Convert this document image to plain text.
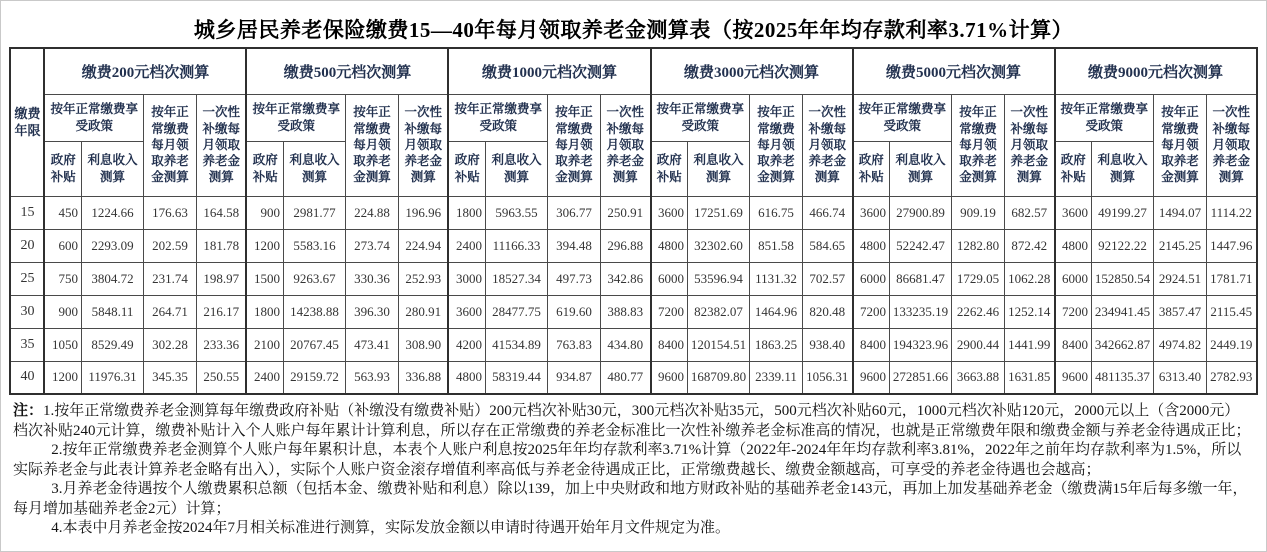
城乡居民养老保险缴费15—40年每月领取养老金测算表（按2025年年均存款利率3.71%计算）
缴费年限	缴费200元档次测算				缴费500元档次测算				缴费1000元档次测算				缴费3000元档次测算				缴费5000元档次测算				缴费9000元档次测算			
	按年正常缴费享受政策		按年正常缴费每月领取养老金测算	一次性补缴每月领取养老金测算	按年正常缴费享受政策		按年正常缴费每月领取养老金测算	一次性补缴每月领取养老金测算	按年正常缴费享受政策		按年正常缴费每月领取养老金测算	一次性补缴每月领取养老金测算	按年正常缴费享受政策		按年正常缴费每月领取养老金测算	一次性补缴每月领取养老金测算	按年正常缴费享受政策		按年正常缴费每月领取养老金测算	一次性补缴每月领取养老金测算	按年正常缴费享受政策		按年正常缴费每月领取养老金测算	一次性补缴每月领取养老金测算
	政府补贴	利息收入测算			政府补贴	利息收入测算			政府补贴	利息收入测算			政府补贴	利息收入测算			政府补贴	利息收入测算			政府补贴	利息收入测算		
15	450	1224.66	176.63	164.58	900	2981.77	224.88	196.96	1800	5963.55	306.77	250.91	3600	17251.69	616.75	466.74	3600	27900.89	909.19	682.57	3600	49199.27	1494.07	1114.22
20	600	2293.09	202.59	181.78	1200	5583.16	273.74	224.94	2400	11166.33	394.48	296.88	4800	32302.60	851.58	584.65	4800	52242.47	1282.80	872.42	4800	92122.22	2145.25	1447.96
25	750	3804.72	231.74	198.97	1500	9263.67	330.36	252.93	3000	18527.34	497.73	342.86	6000	53596.94	1131.32	702.57	6000	86681.47	1729.05	1062.28	6000	152850.54	2924.51	1781.71
30	900	5848.11	264.71	216.17	1800	14238.88	396.30	280.91	3600	28477.75	619.60	388.83	7200	82382.07	1464.96	820.48	7200	133235.19	2262.46	1252.14	7200	234941.45	3857.47	2115.45
35	1050	8529.49	302.28	233.36	2100	20767.45	473.41	308.90	4200	41534.89	763.83	434.80	8400	120154.51	1863.25	938.40	8400	194323.96	2900.44	1441.99	8400	342662.87	4974.82	2449.19
40	1200	11976.31	345.35	250.55	2400	29159.72	563.93	336.88	4800	58319.44	934.87	480.77	9600	168709.80	2339.11	1056.31	9600	272851.66	3663.88	1631.85	9600	481135.37	6313.40	2782.93

注：1.按年正常缴费养老金测算每年缴费政府补贴（补缴没有缴费补贴）200元档次补贴30元，300元档次补贴35元，500元档次补贴60元，1000元档次补贴120元，2000元以上（含2000元）档次补贴240元计算，缴费补贴计入个人账户每年累计计算利息，所以存在正常缴费的养老金标准比一次性补缴养老金标准高的情况，也就是正常缴费年限和缴费金额与养老金待遇成正比；

2.按年正常缴费养老金测算个人账户每年累积计息，本表个人账户利息按2025年年均存款利率3.71%计算（2022年-2024年年均存款利率3.81%，2022年之前年均存款利率为1.5%，所以实际养老金与此表计算养老金略有出入），实际个人账户资金滚存增值利率高低与养老金待遇成正比，正常缴费越长、缴费金额越高，可享受的养老金待遇也会越高；

3.月养老金待遇按个人缴费累积总额（包括本金、缴费补贴和利息）除以139，加上中央财政和地方财政补贴的基础养老金143元，再加上加发基础养老金（缴费满15年后每多缴一年，每月增加基础养老金2元）计算；

4.本表中月养老金按2024年7月相关标准进行测算，实际发放金额以申请时待遇开始年月文件规定为准。
